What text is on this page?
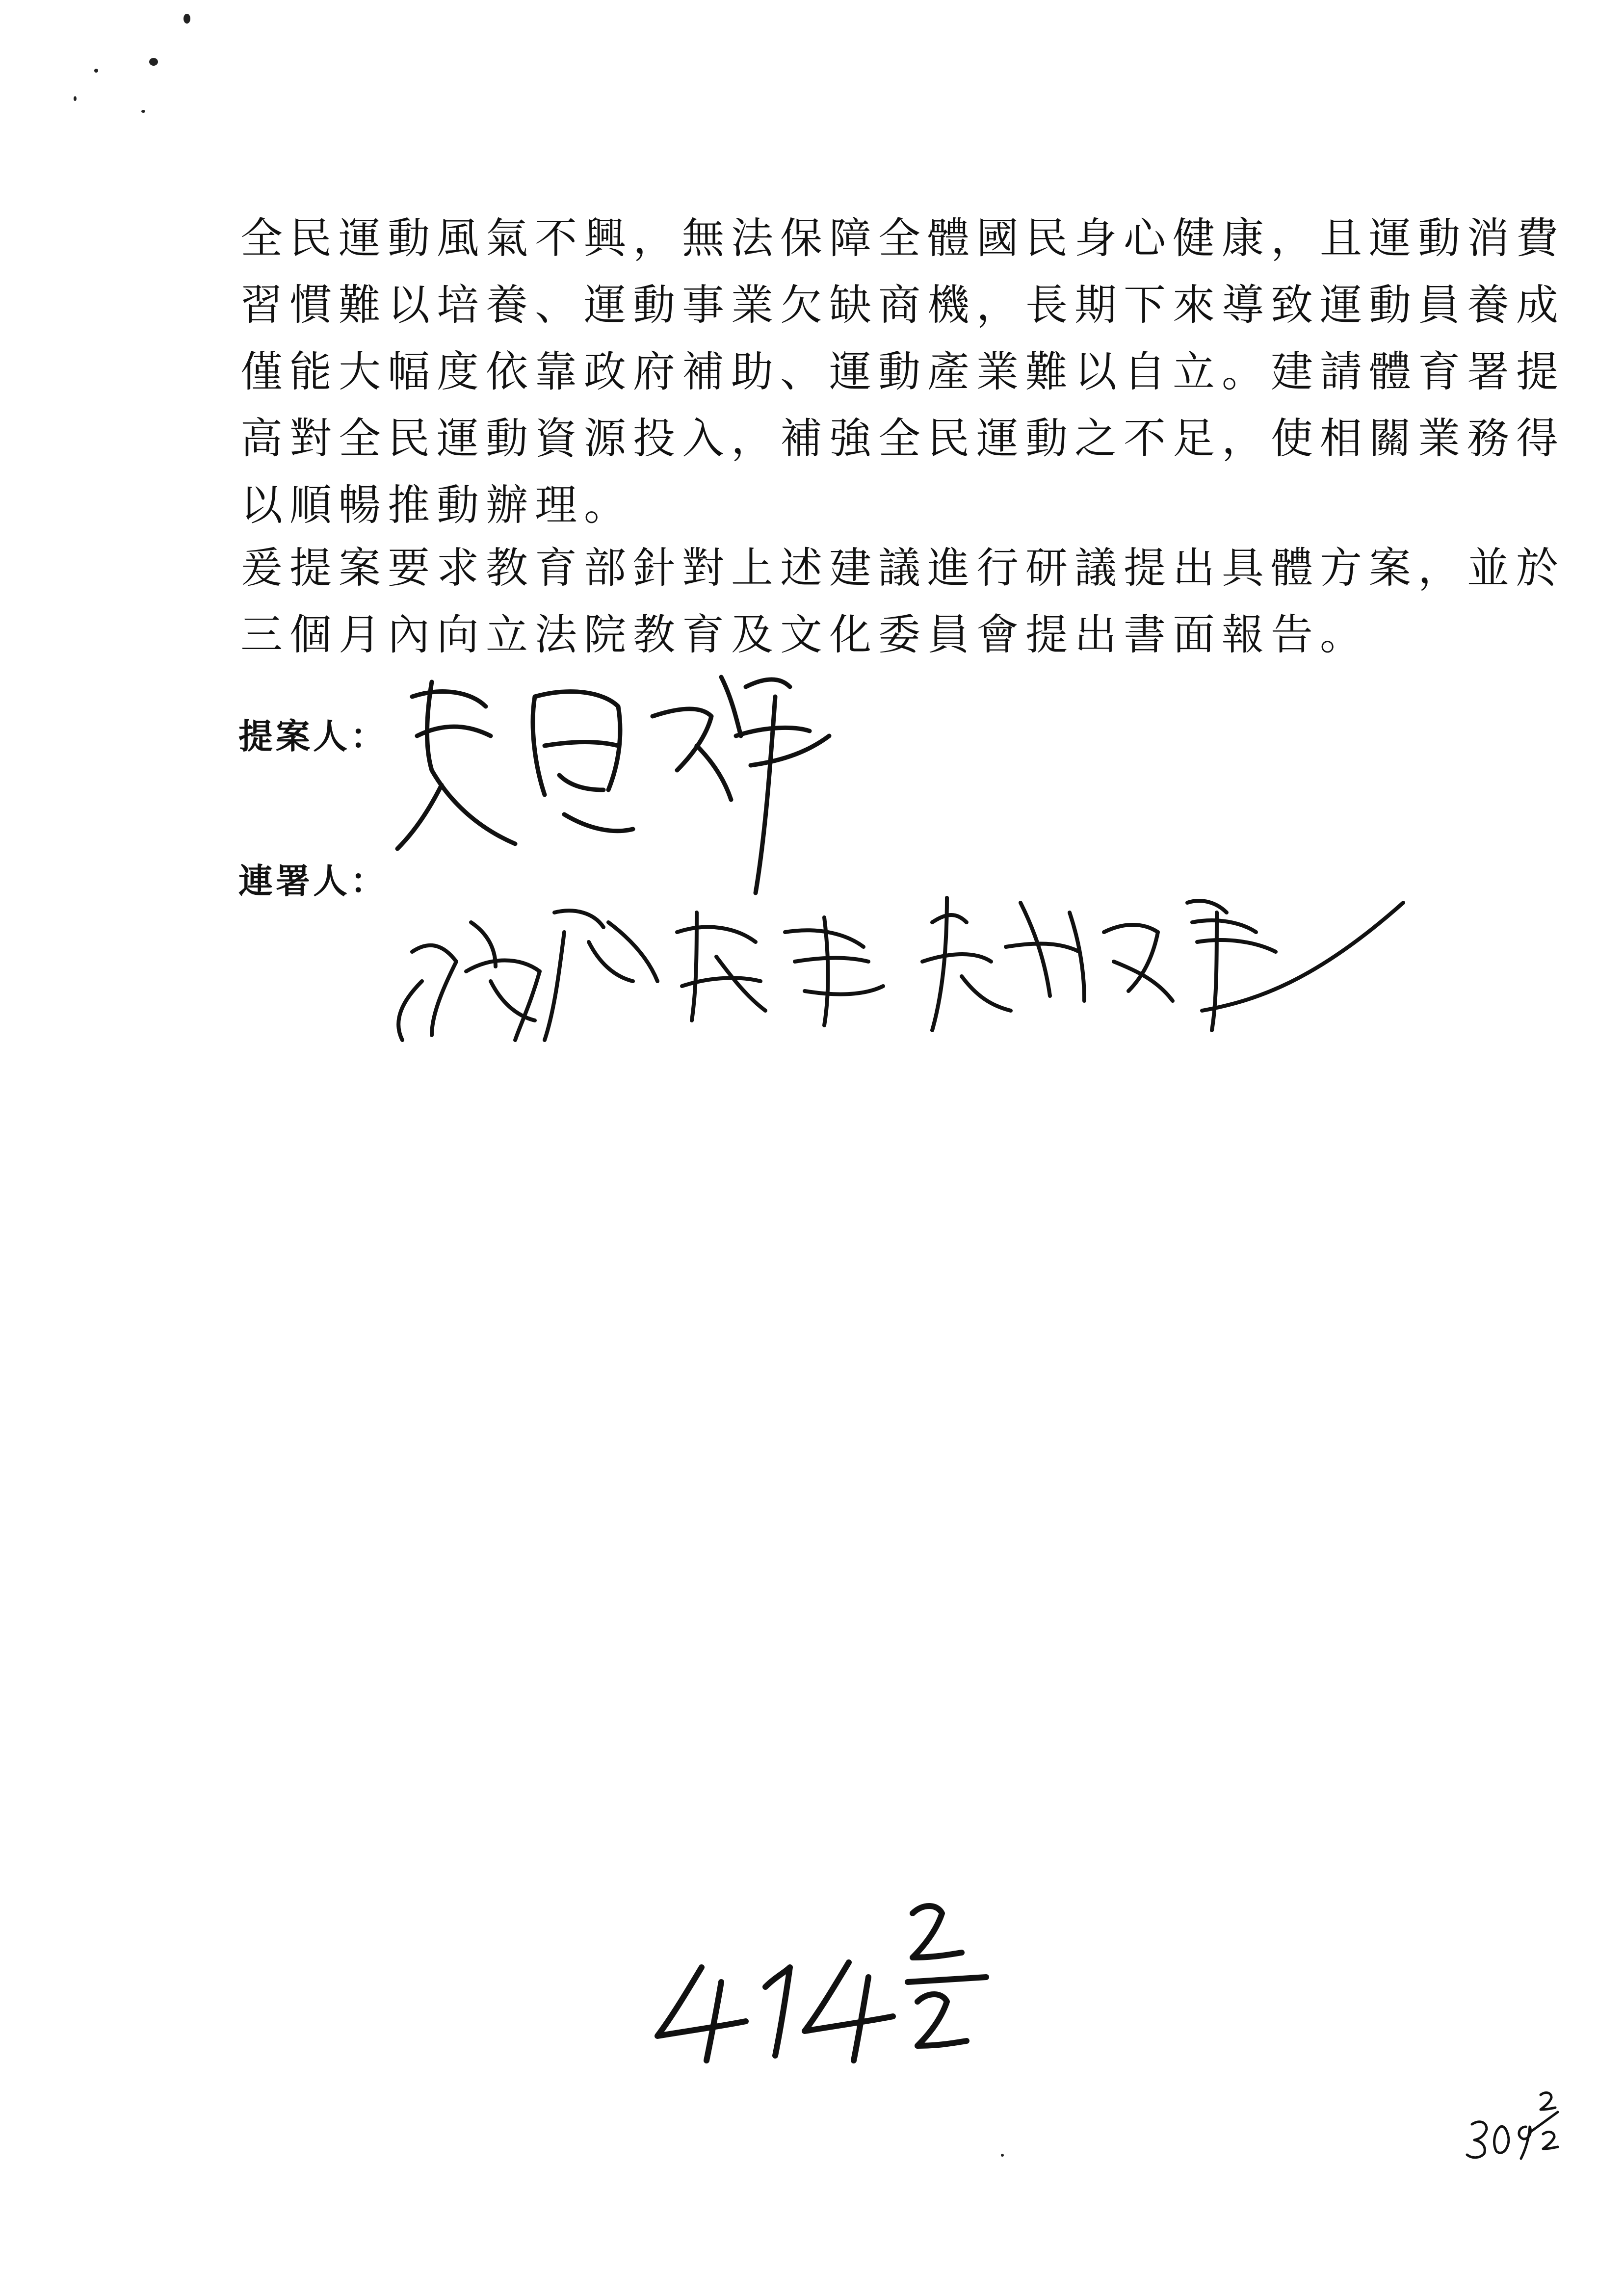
全民運動風氣不興，無法保障全體國民身心健康，且運動消費
習慣難以培養、運動事業欠缺商機，長期下來導致運動員養成
僅能大幅度依靠政府補助、運動產業難以自立。建請體育署提
高對全民運動資源投入，補強全民運動之不足，使相關業務得
以順暢推動辦理。
爰提案要求教育部針對上述建議進行研議提出具體方案，並於
三個月內向立法院教育及文化委員會提出書面報告。
提案人：
連署人：
